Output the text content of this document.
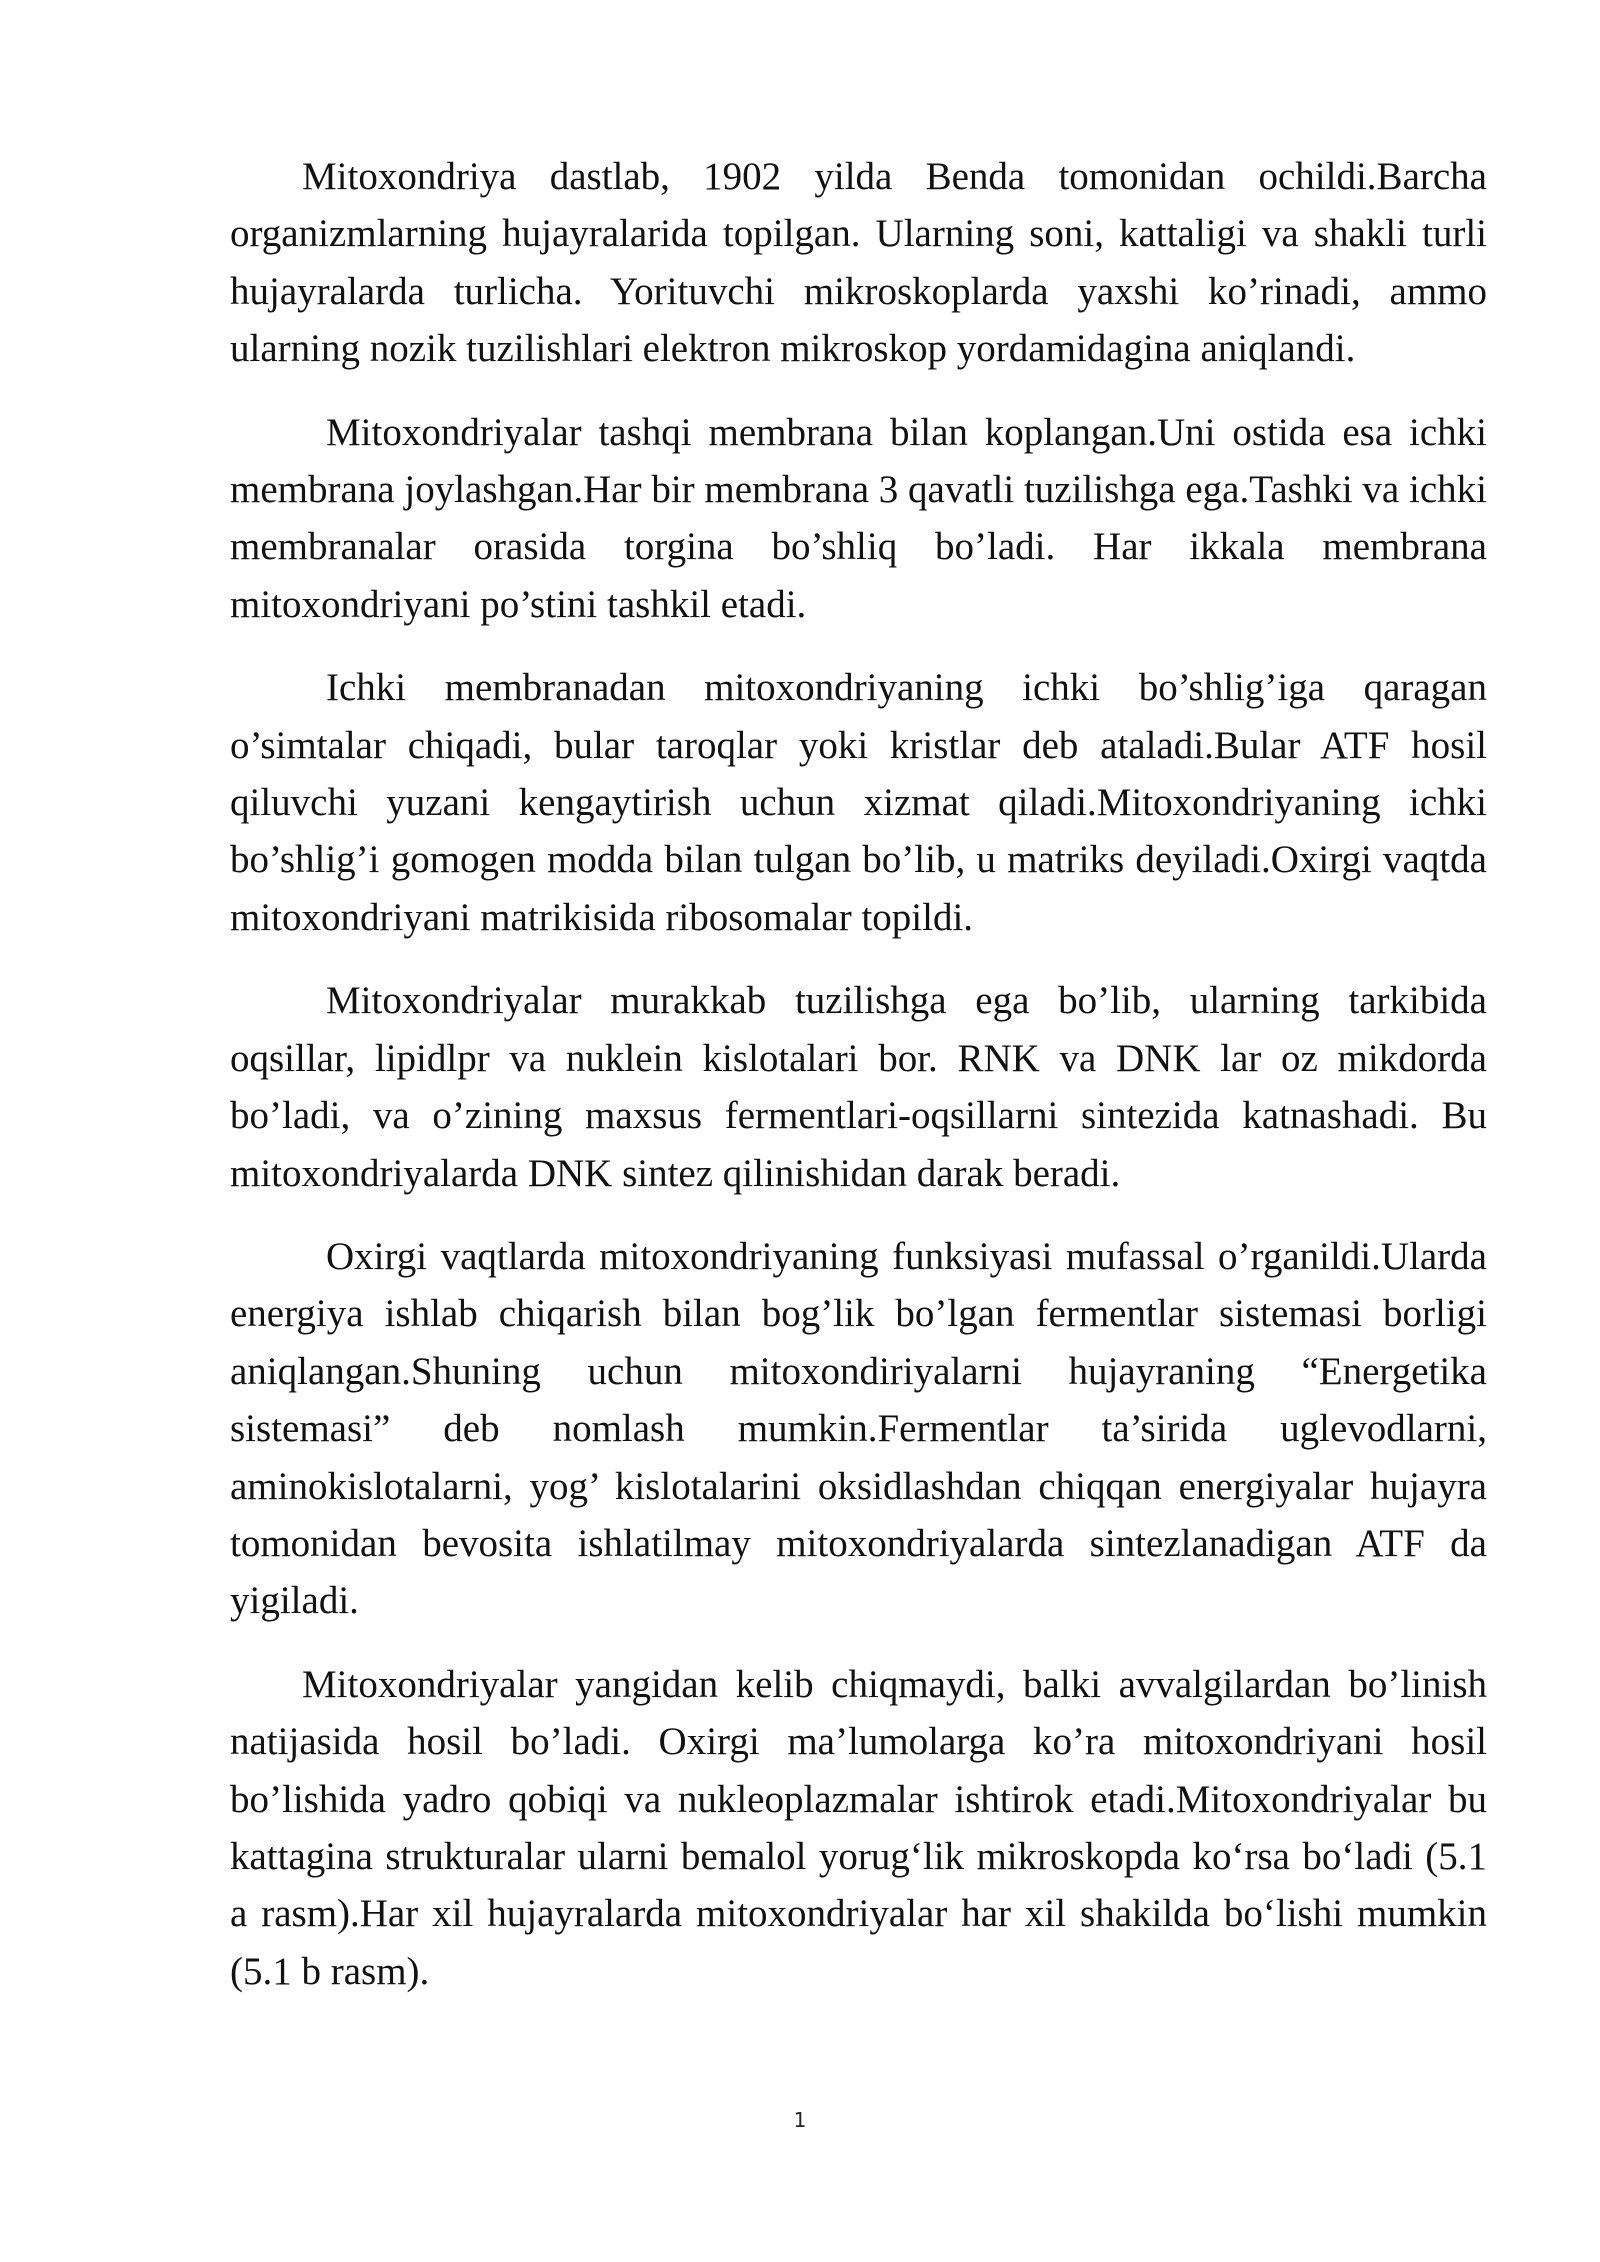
Mitoxondriya dastlab, 1902 yilda Benda tomonidan ochildi.Barcha organizmlarning hujayralarida topilgan. Ularning soni, kattaligi va shakli turli hujayralarda turlicha. Yorituvchi mikroskoplarda yaxshi ko’rinadi, ammo ularning nozik tuzilishlari elektron mikroskop yordamidagina aniqlandi.

Mitoxondriyalar tashqi membrana bilan koplangan.Uni ostida esa ichki membrana joylashgan.Har bir membrana 3 qavatli tuzilishga ega.Tashki va ichki membranalar orasida torgina bo’shliq bo’ladi. Har ikkala membrana mitoxondriyani po’stini tashkil etadi.

Ichki membranadan mitoxondriyaning ichki bo’shlig’iga qaragan o’simtalar chiqadi, bular taroqlar yoki kristlar deb ataladi.Bular ATF hosil qiluvchi yuzani kengaytirish uchun xizmat qiladi.Mitoxondriyaning ichki bo’shlig’i gomogen modda bilan tulgan bo’lib, u matriks deyiladi.Oxirgi vaqtda mitoxondriyani matrikisida ribosomalar topildi.

Mitoxondriyalar murakkab tuzilishga ega bo’lib, ularning tarkibida oqsillar, lipidlpr va nuklein kislotalari bor. RNK va DNK lar oz mikdorda bo’ladi, va o’zining maxsus fermentlari-oqsillarni sintezida katnashadi. Bu mitoxondriyalarda DNK sintez qilinishidan darak beradi.

Oxirgi vaqtlarda mitoxondriyaning funksiyasi mufassal o’rganildi.Ularda energiya ishlab chiqarish bilan bog’lik bo’lgan fermentlar sistemasi borligi aniqlangan.Shuning uchun mitoxondiriyalarni hujayraning “Energetika sistemasi” deb nomlash mumkin.Fermentlar ta’sirida uglevodlarni, aminokislotalarni, yog’ kislotalarini oksidlashdan chiqqan energiyalar hujayra tomonidan bevosita ishlatilmay mitoxondriyalarda sintezlanadigan ATF da yigiladi.

Mitoxondriyalar yangidan kelib chiqmaydi, balki avvalgilardan bo’linish natijasida hosil bo’ladi. Oxirgi ma’lumolarga ko’ra mitoxondriyani hosil bo’lishida yadro qobiqi va nukleoplazmalar ishtirok etadi.Mitoxondriyalar bu kattagina strukturalar ularni bemalol yorug‘lik mikroskopda ko‘rsa bo‘ladi (5.1 a rasm).Har xil hujayralarda mitoxondriyalar har xil shakilda bo‘lishi mumkin (5.1 b rasm).

1
